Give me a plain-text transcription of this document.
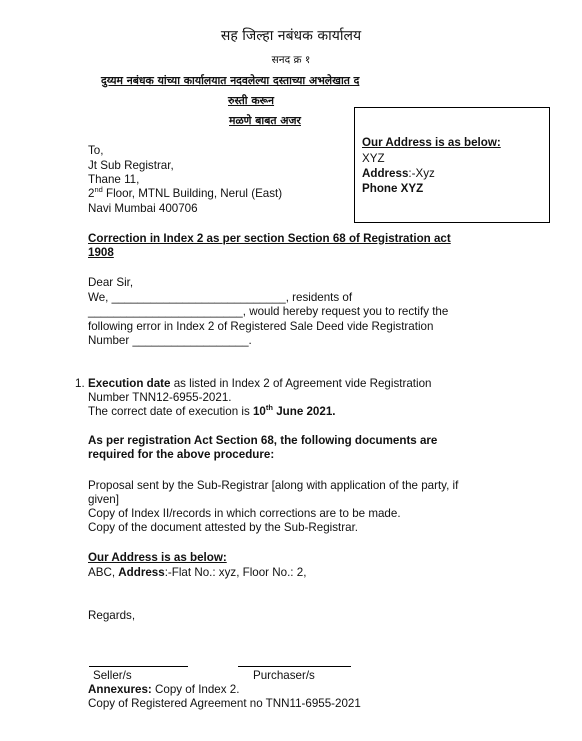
सह जिल्हा नबंधक कार्यालय
सनद क्र १
दुय्यम नबंधक यांच्या कार्यालयात नदवलेल्या दस्ताच्या अभलेखात द
रुस्ती करून
मळणे बाबत अजर
Our Address is as below:
XYZ
Address:-Xyz
Phone XYZ
To,
Jt Sub Registrar,
Thane 11,
2nd Floor, MTNL Building, Nerul (East)
Navi Mumbai 400706
Correction in Index 2 as per section Section 68 of Registration act
1908
Dear Sir,
We, ___________________________, residents of
________________________, would hereby request you to rectify the
following error in Index 2 of Registered Sale Deed vide Registration
Number __________________.
1. Execution date as listed in Index 2 of Agreement vide Registration
Number TNN12-6955-2021.
The correct date of execution is 10th June 2021.
As per registration Act Section 68, the following documents are
required for the above procedure:
Proposal sent by the Sub-Registrar [along with application of the party, if
given]
Copy of Index II/records in which corrections are to be made.
Copy of the document attested by the Sub-Registrar.
Our Address is as below:
ABC, Address:-Flat No.: xyz, Floor No.: 2,
Regards,
Seller/s	Purchaser/s
Annexures: Copy of Index 2.
Copy of Registered Agreement no TNN11-6955-2021
